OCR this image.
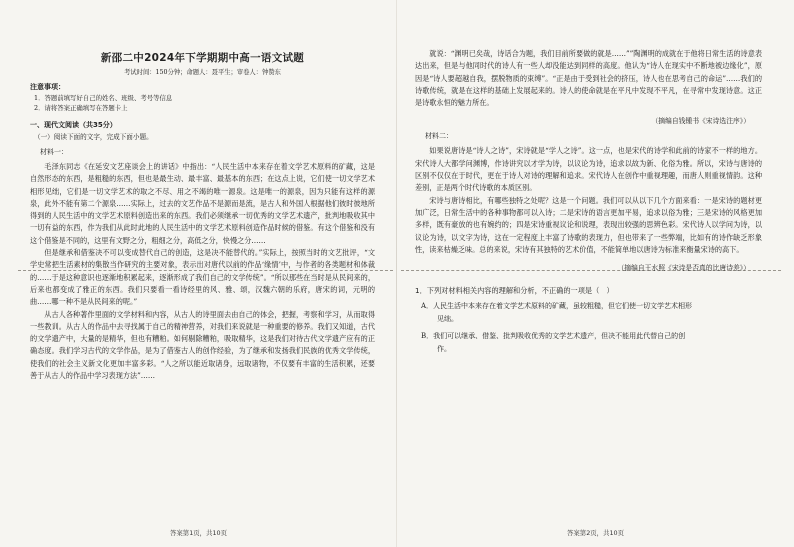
新邵二中2024年下学期期中高一语文试题
考试时间：150分钟；命题人：聂平生；审卷人：钟赞东
注意事项：
1．答题前填写好自己的姓名、班级、考号等信息
2．请将答案正确填写在答题卡上
一、现代文阅读（共35分）
（一）阅读下面的文字，完成下面小题。
材料一：

毛泽东同志《在延安文艺座谈会上的讲话》中指出：“人民生活中本来存在着文学艺术原料的矿藏，这是自然形态的东西，是粗糙的东西，但也是最生动、最丰富、最基本的东西；在这点上说，它们使一切文学艺术相形见绌，它们是一切文学艺术的取之不尽、用之不竭的唯一源泉。这是唯一的源泉，因为只能有这样的源泉，此外不能有第二个源泉……实际上，过去的文艺作品不是源而是流，是古人和外国人根据他们彼时彼地所得到的人民生活中的文学艺术原料创造出来的东西。我们必须继承一切优秀的文学艺术遗产，批判地吸收其中一切有益的东西，作为我们从此时此地的人民生活中的文学艺术原料创造作品时候的借鉴。有这个借鉴和没有这个借鉴是不同的，这里有文野之分，粗细之分，高低之分，快慢之分……

但是继承和借鉴决不可以变成替代自己的创造，这是决不能替代的。”实际上，按照当时的文艺批评，“文学史常把生活素材的集散当作研究的主要对象，表示出对唐代以前的作品‘缘情’中，与作者的各类题材和体裁的……于是这种意识也逐渐地积累起来，逐渐形成了我们自己的文学传统”。“所以那些在当时是从民间来的，后来也都变成了雅正的东西。我们只要看一看诗经里的风、雅、颂，汉魏六朝的乐府，唐宋的词，元明的曲……哪一种不是从民间来的呢。”

从古人各种著作里面的文学材料和内容，从古人的诗里面去由自己的体会，把握，考察和学习，从而取得一些教训。从古人的作品中去寻找属于自己的精神营养，对我们来说就是一种重要的修养。我们又知道，古代的文学遗产中，大量的是精华，但也有糟粕。如何剔除糟粕，吸取精华，这是我们对待古代文学遗产应有的正确态度。我们学习古代的文学作品，是为了借鉴古人的创作经验，为了继承和发扬我们民族的优秀文学传统，使我们的社会主义新文化更加丰富多彩。“人之所以能近取诸身，远取诸物，不仅要有丰富的生活积累，还要善于从古人的作品中学习表现方法”……

答案第1页，共10页

就说：“渊明已矣哉，诗话合为题，我们目前所要做的就是……””陶渊明的成就在于他将日常生活的诗意表达出来，但是与他同时代的诗人有一些人却没能达到同样的高度。他认为“诗人在现实中不断地被边缘化”，原因是“诗人要超越自我，摆脱物质的束缚”。“正是由于受到社会的挤压，诗人也在思考自己的命运”……我们的诗歌传统，就是在这样的基础上发展起来的。诗人的使命就是在平凡中发现不平凡，在寻常中发现诗意。这正是诗歌永恒的魅力所在。

（摘编自钱锺书《宋诗选注序》）
材料二：

如果说唐诗是“诗人之诗”，宋诗就是“学人之诗”。这一点，也是宋代的诗学和此前的诗家不一样的地方。宋代诗人大都学问渊博，作诗讲究以才学为诗，以议论为诗，追求以故为新、化俗为雅。所以，宋诗与唐诗的区别不仅仅在于时代，更在于诗人对诗的理解和追求。宋代诗人在创作中重视理趣，而唐人则重视情韵。这种差别，正是两个时代诗歌的本质区别。

宋诗与唐诗相比，有哪些独特之处呢？这是一个问题。我们可以从以下几个方面来看：一是宋诗的题材更加广泛，日常生活中的各种事物都可以入诗；二是宋诗的语言更加平易，追求以俗为雅；三是宋诗的风格更加多样，既有豪放的也有婉约的；四是宋诗重视议论和说理，表现出较强的思辨色彩。宋代诗人以学问为诗，以议论为诗，以文字为诗，这在一定程度上丰富了诗歌的表现力，但也带来了一些弊端，比如有的诗作缺乏形象性，读来枯燥乏味。总的来说，宋诗有其独特的艺术价值，不能简单地以唐诗为标准来衡量宋诗的高下。

（摘编自王水照《宋诗是否真的比唐诗差》）
1．下列对材料相关内容的理解和分析，不正确的一项是（　）
A．人民生活中本来存在着文学艺术原料的矿藏，虽较粗糙，但它们使一切文学艺术相形
见绌。
B．我们可以继承、借鉴、批判吸收优秀的文学艺术遗产，但决不能用此代替自己的创
作。
答案第2页，共10页
